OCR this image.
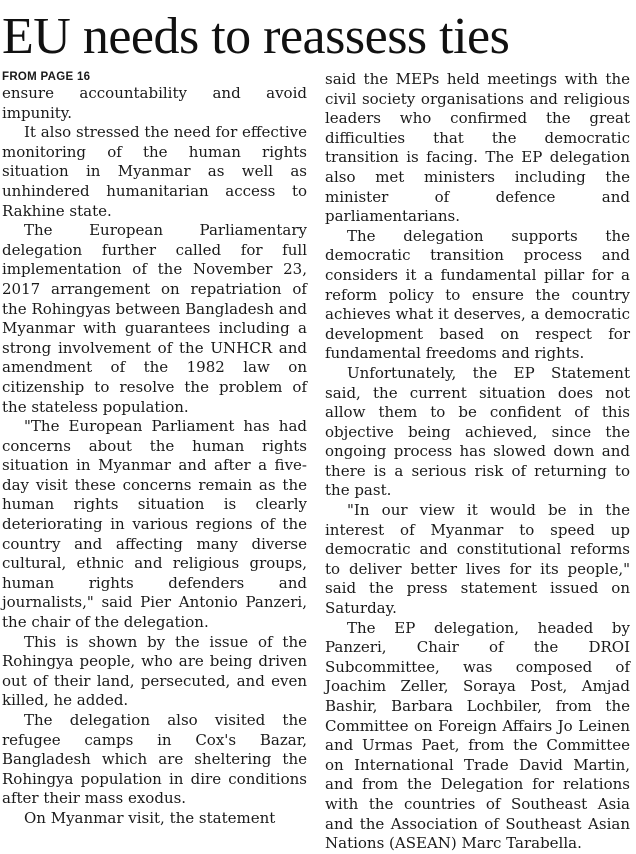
EU needs to reassess ties
FROM PAGE 16

ensure accountability and avoid impunity.

It also stressed the need for effective monitoring of the human rights situation in Myanmar as well as unhindered humanitarian access to Rakhine state.

The European Parliamentary delegation further called for full implementation of the November 23, 2017 arrangement on repatriation of the Rohingyas between Bangladesh and Myanmar with guarantees including a strong involvement of the UNHCR and amendment of the 1982 law on citizenship to resolve the problem of the stateless population.

"The European Parliament has had concerns about the human rights situation in Myanmar and after a five-day visit these concerns remain as the human rights situation is clearly deteriorating in various regions of the country and affecting many diverse cultural, ethnic and religious groups, human rights defenders and journalists," said Pier Antonio Panzeri, the chair of the delegation.

This is shown by the issue of the Rohingya people, who are being driven out of their land, persecuted, and even killed, he added.

The delegation also visited the refugee camps in Cox's Bazar, Bangladesh which are sheltering the Rohingya population in dire conditions after their mass exodus.

On Myanmar visit, the statement

said the MEPs held meetings with the civil society organisations and religious leaders who confirmed the great difficulties that the democratic transition is facing. The EP delegation also met ministers including the minister of defence and parliamentarians.

The delegation supports the democratic transition process and considers it a fundamental pillar for a reform policy to ensure the country achieves what it deserves, a democratic development based on respect for fundamental freedoms and rights.

Unfortunately, the EP Statement said, the current situation does not allow them to be confident of this objective being achieved, since the ongoing process has slowed down and there is a serious risk of returning to the past.

"In our view it would be in the interest of Myanmar to speed up democratic and constitutional reforms to deliver better lives for its people," said the press statement issued on Saturday.

The EP delegation, headed by Panzeri, Chair of the DROI Subcommittee, was composed of Joachim Zeller, Soraya Post, Amjad Bashir, Barbara Lochbiler, from the Committee on Foreign Affairs Jo Leinen and Urmas Paet, from the Committee on International Trade David Martin, and from the Delegation for relations with the countries of Southeast Asia and the Association of Southeast Asian Nations (ASEAN) Marc Tarabella.
